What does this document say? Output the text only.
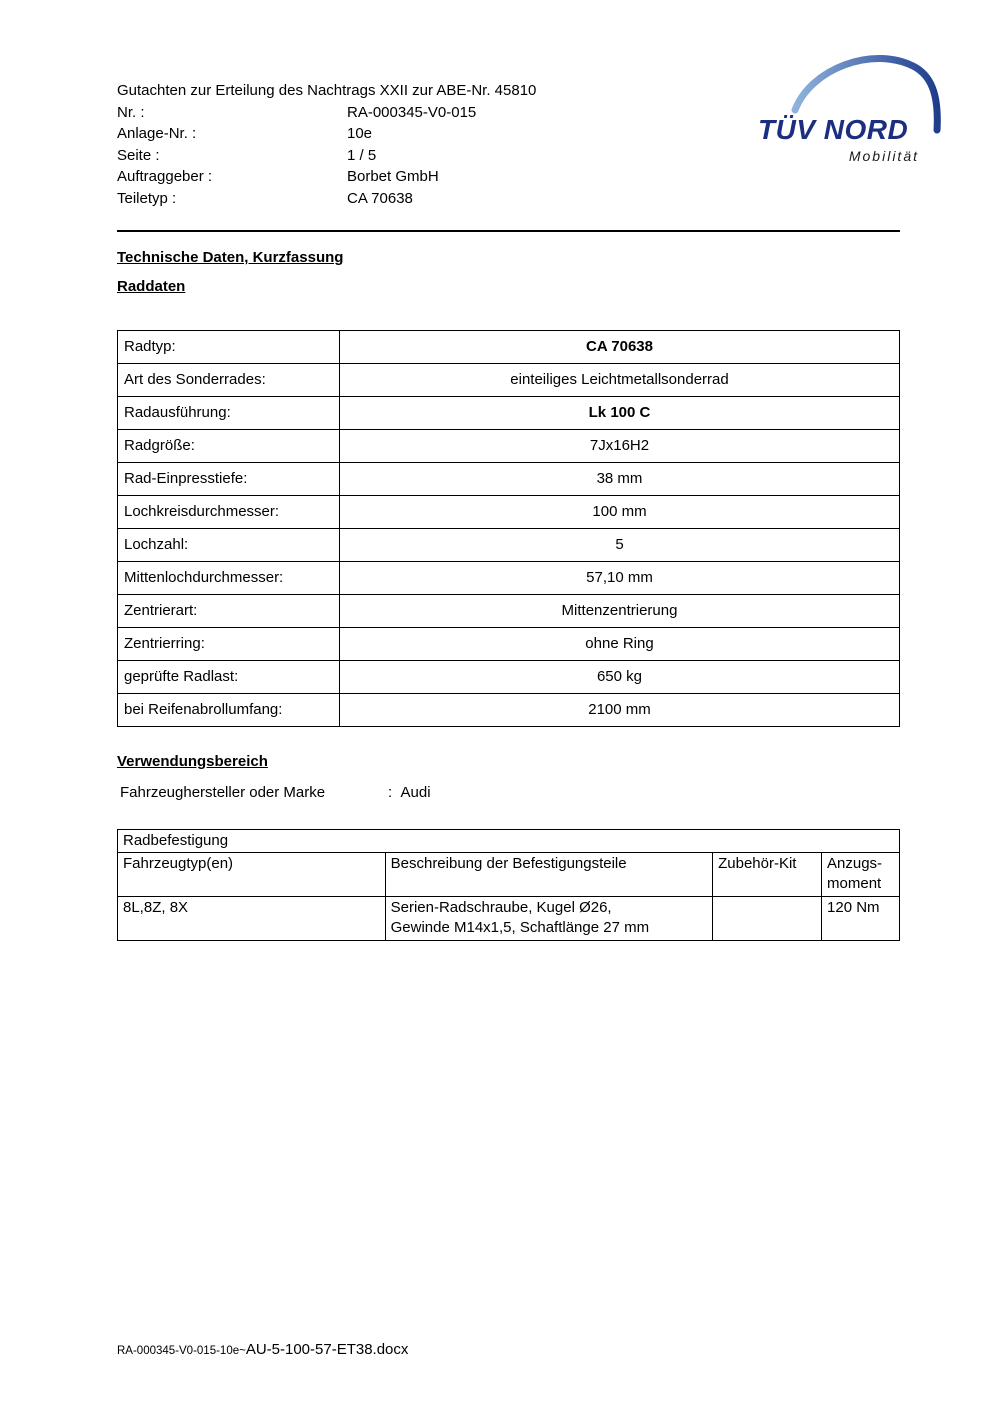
Gutachten zur Erteilung des Nachtrags XXII zur ABE-Nr. 45810
Nr. :	RA-000345-V0-015
Anlage-Nr. :	10e
Seite :	1 / 5
Auftraggeber :	Borbet GmbH
Teiletyp :	CA 70638
TÜV NORD
Mobilität
Technische Daten, Kurzfassung
Raddaten
Radtyp:	CA 70638
Art des Sonderrades:	einteiliges Leichtmetallsonderrad
Radausführung:	Lk 100 C
Radgröße:	7Jx16H2
Rad-Einpresstiefe:	38 mm
Lochkreisdurchmesser:	100 mm
Lochzahl:	5
Mittenlochdurchmesser:	57,10 mm
Zentrierart:	Mittenzentrierung
Zentrierring:	ohne Ring
geprüfte Radlast:	650 kg
bei Reifenabrollumfang:	2100 mm
Verwendungsbereich

Fahrzeughersteller oder Marke	: Audi

Radbefestigung			
Fahrzeugtyp(en)	Beschreibung der Befestigungsteile	Zubehör-Kit	Anzugs-moment
8L,8Z, 8X	Serien-Radschraube, Kugel Ø26,
Gewinde M14x1,5, Schaftlänge 27 mm		120 Nm
RA-000345-V0-015-10e~AU-5-100-57-ET38.docx
